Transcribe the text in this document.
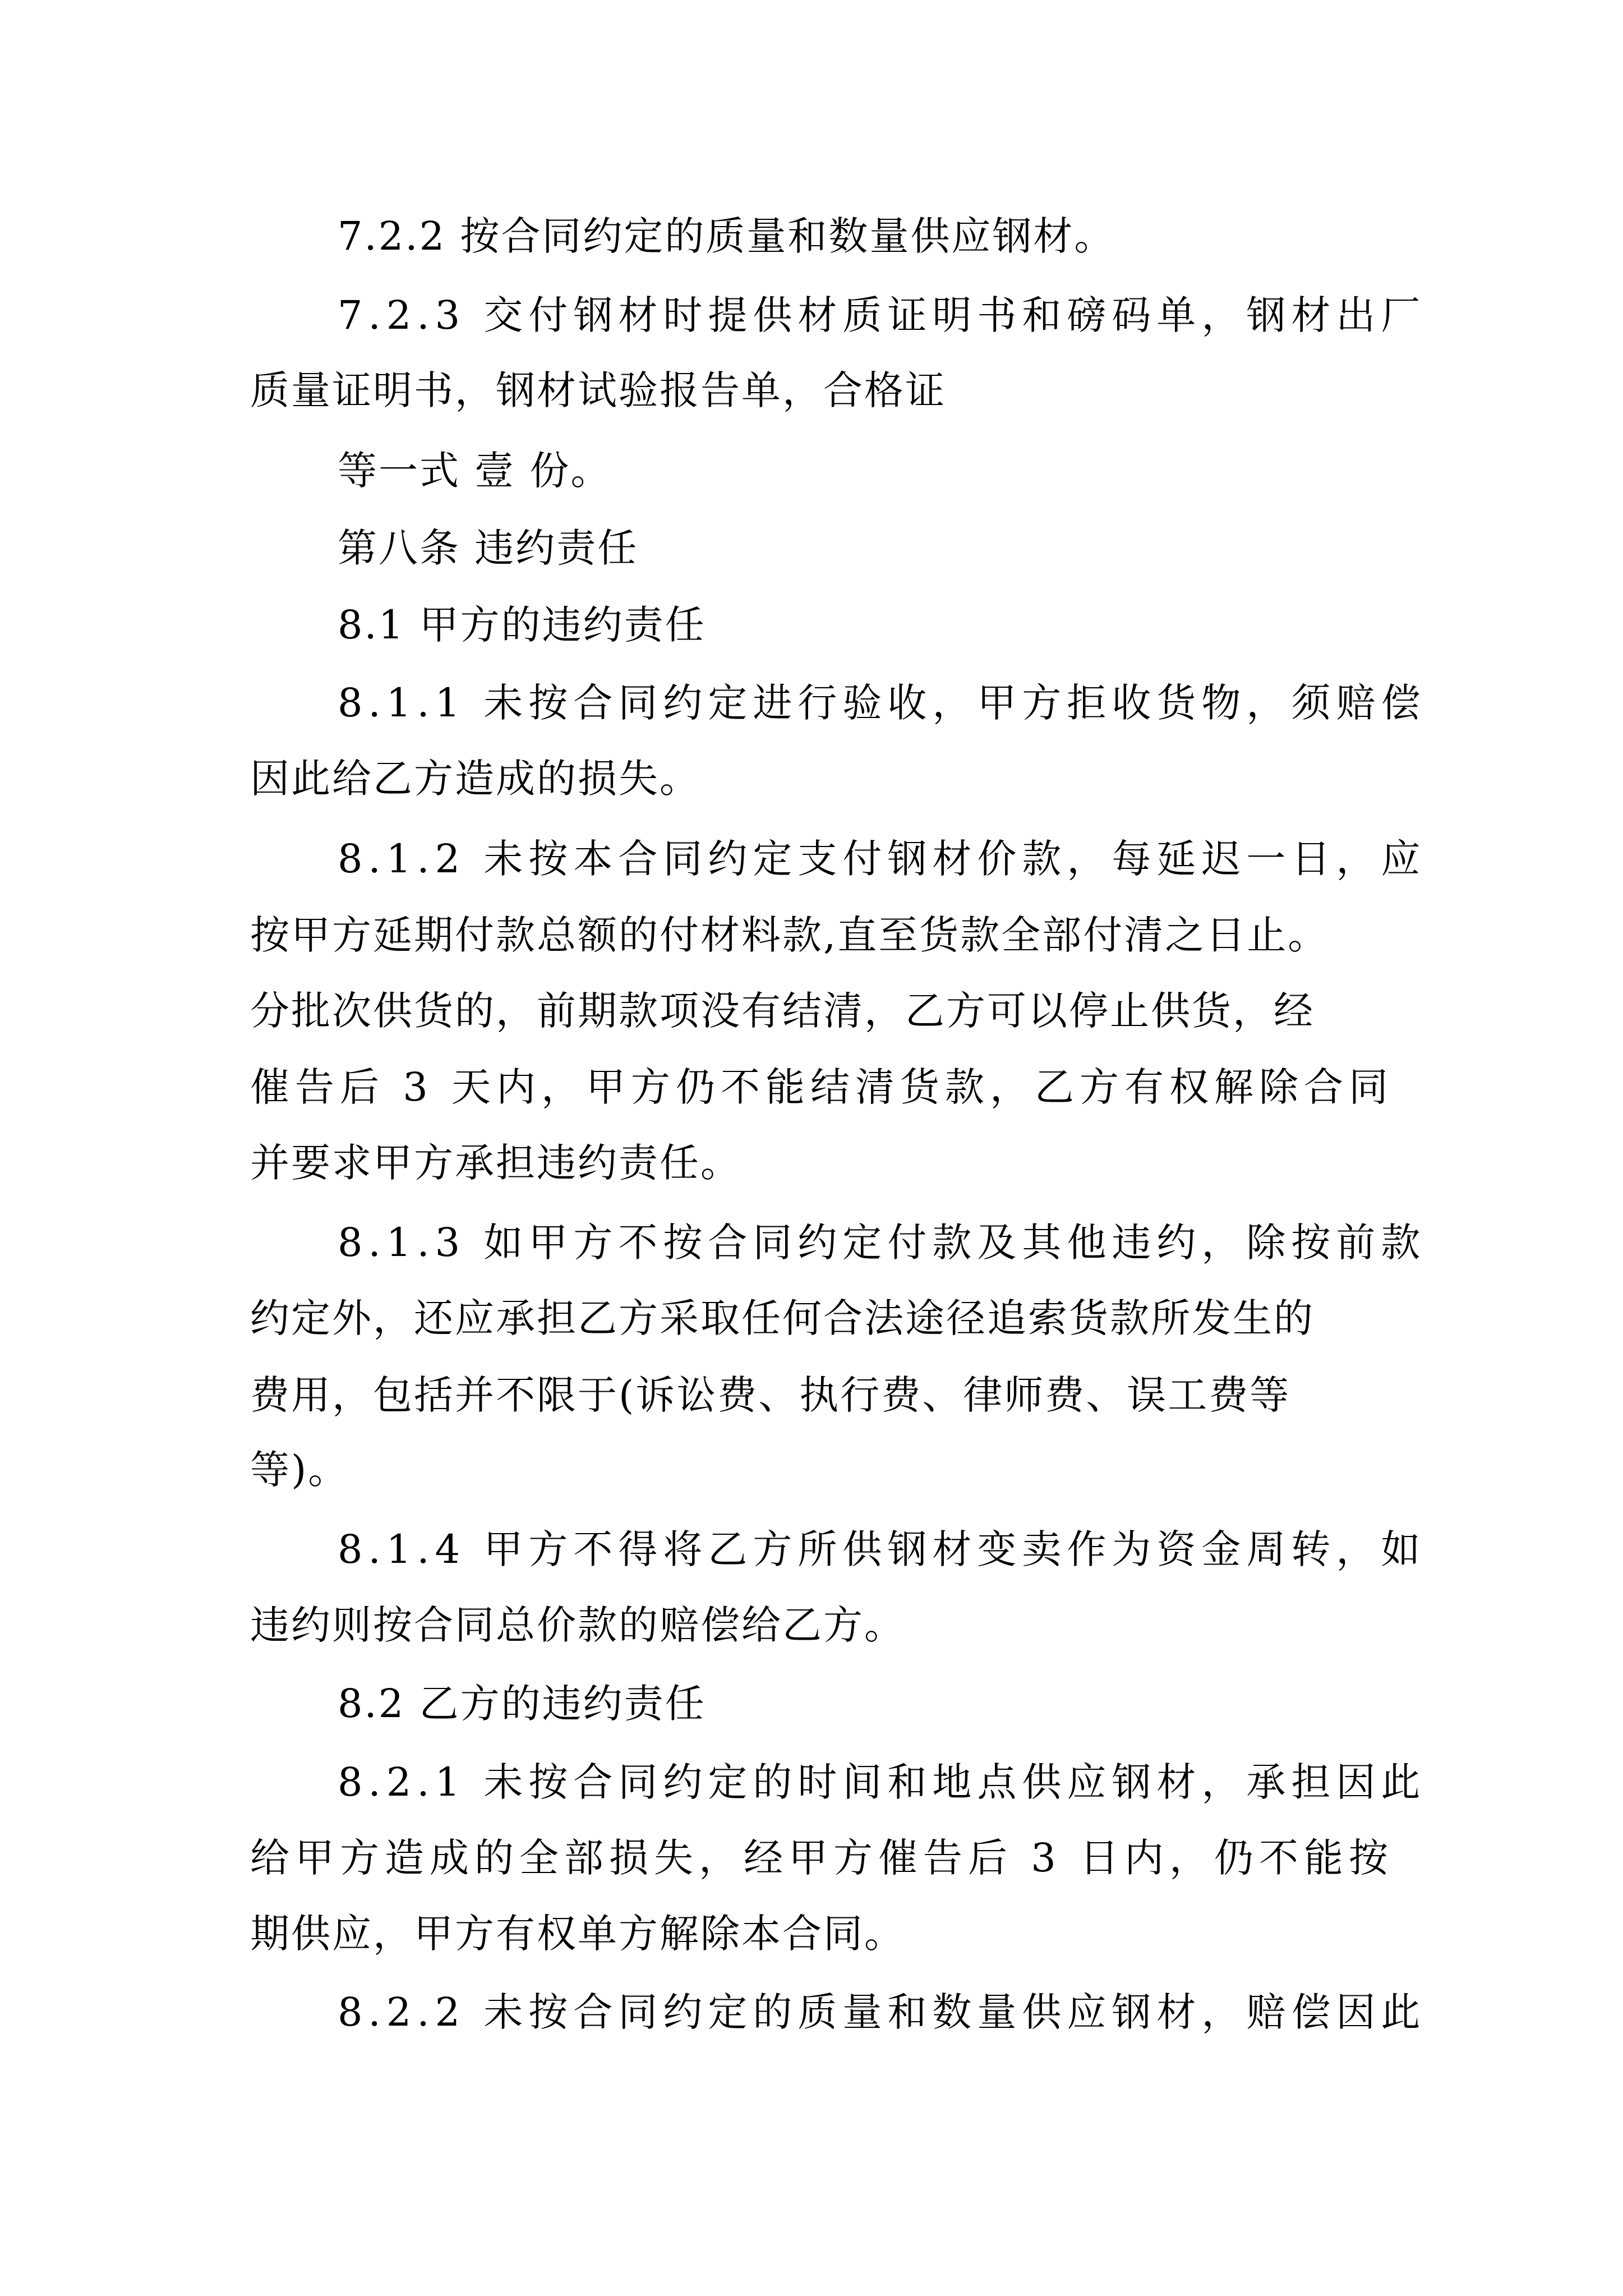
7.2.2 按合同约定的质量和数量供应钢材。
7.2.3 交付钢材时提供材质证明书和磅码单，钢材出厂
质量证明书，钢材试验报告单，合格证
等一式 壹 份。
第八条 违约责任
8.1 甲方的违约责任
8.1.1 未按合同约定进行验收，甲方拒收货物，须赔偿
因此给乙方造成的损失。
8.1.2 未按本合同约定支付钢材价款，每延迟一日，应
按甲方延期付款总额的付材料款,直至货款全部付清之日止。
分批次供货的，前期款项没有结清，乙方可以停止供货，经
催告后 3 天内，甲方仍不能结清货款，乙方有权解除合同
并要求甲方承担违约责任。
8.1.3 如甲方不按合同约定付款及其他违约，除按前款
约定外，还应承担乙方采取任何合法途径追索货款所发生的
费用，包括并不限于(诉讼费、执行费、律师费、误工费等
等)。
8.1.4 甲方不得将乙方所供钢材变卖作为资金周转，如
违约则按合同总价款的赔偿给乙方。
8.2 乙方的违约责任
8.2.1 未按合同约定的时间和地点供应钢材，承担因此
给甲方造成的全部损失，经甲方催告后 3 日内，仍不能按
期供应，甲方有权单方解除本合同。
8.2.2 未按合同约定的质量和数量供应钢材，赔偿因此
